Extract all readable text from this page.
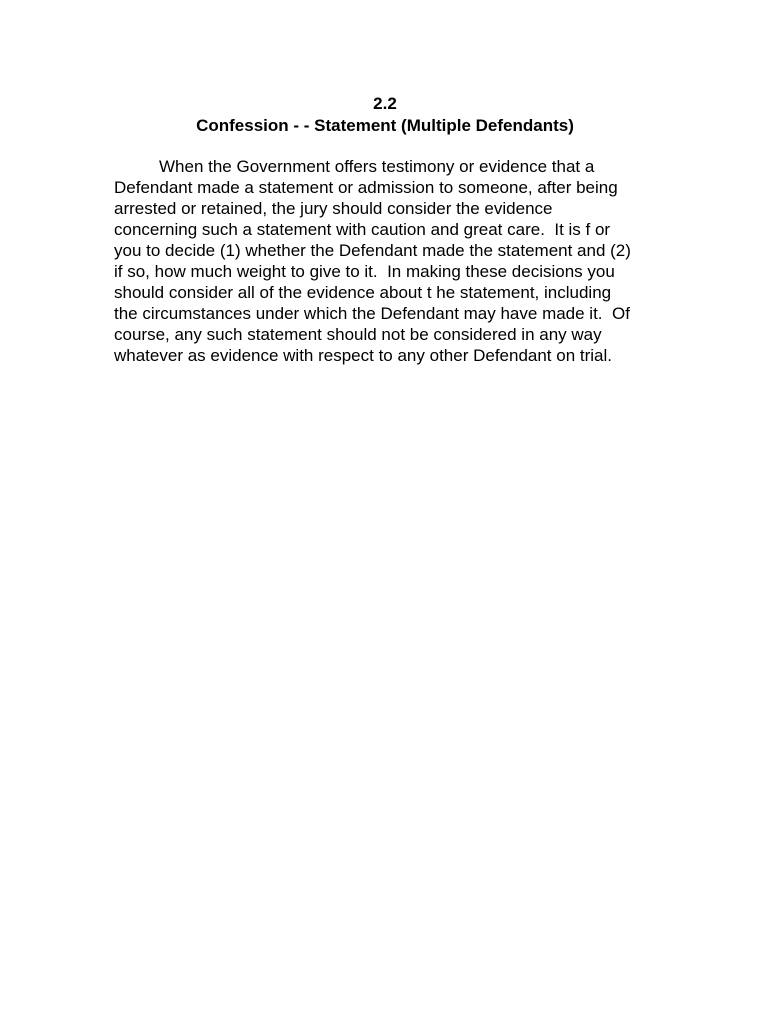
2.2
Confession - - Statement (Multiple Defendants)
When the Government offers testimony or evidence that a
Defendant made a statement or admission to someone, after being
arrested or retained, the jury should consider the evidence
concerning such a statement with caution and great care.  It is f or
you to decide (1) whether the Defendant made the statement and (2)
if so, how much weight to give to it.  In making these decisions you
should consider all of the evidence about t he statement, including
the circumstances under which the Defendant may have made it.  Of
course, any such statement should not be considered in any way
whatever as evidence with respect to any other Defendant on trial.
